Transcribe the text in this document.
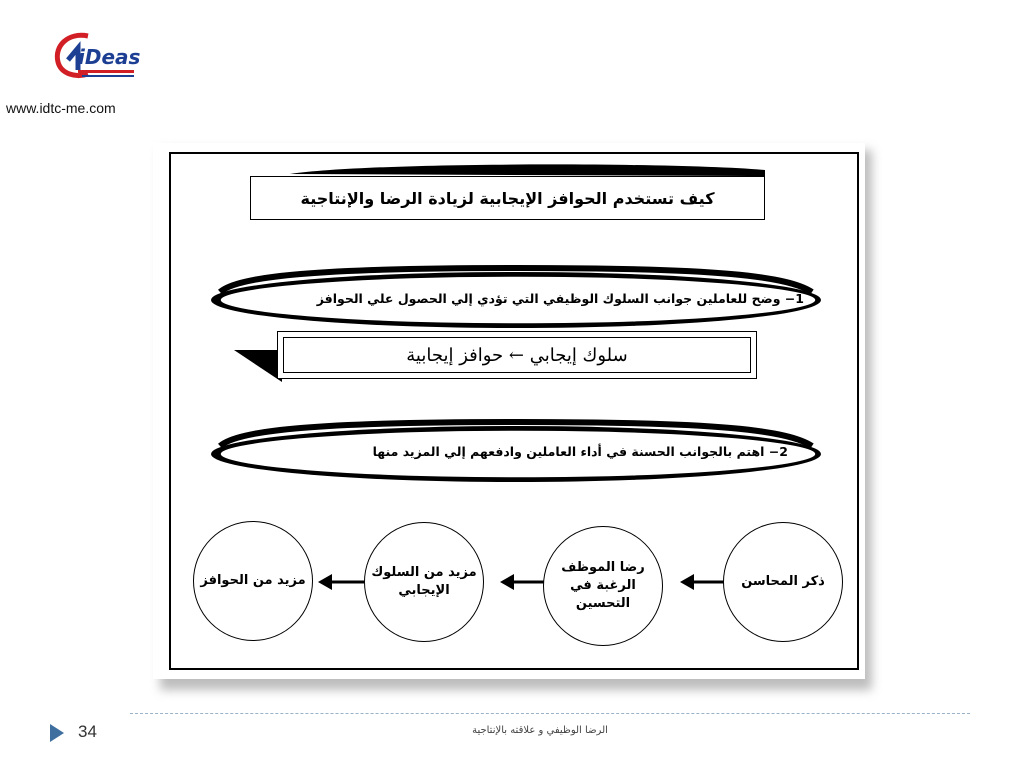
iDeas
www.idtc-me.com
كيف تستخدم الحوافز الإيجابية لزيادة الرضا والإنتاجية
1− وضح للعاملين جوانب السلوك الوظيفي التي تؤدي إلي الحصول علي الحوافز
سلوك إيجابي ← حوافز إيجابية
2− اهتم بالجوانب الحسنة في أداء العاملين وادفعهم إلي المزيد منها
ذكر المحاسن
رضا الموظف الرغبة في التحسين
مزيد من السلوك الإيجابي
مزيد من الحوافز
34	الرضا الوظيفي و علاقته بالإنتاجية
